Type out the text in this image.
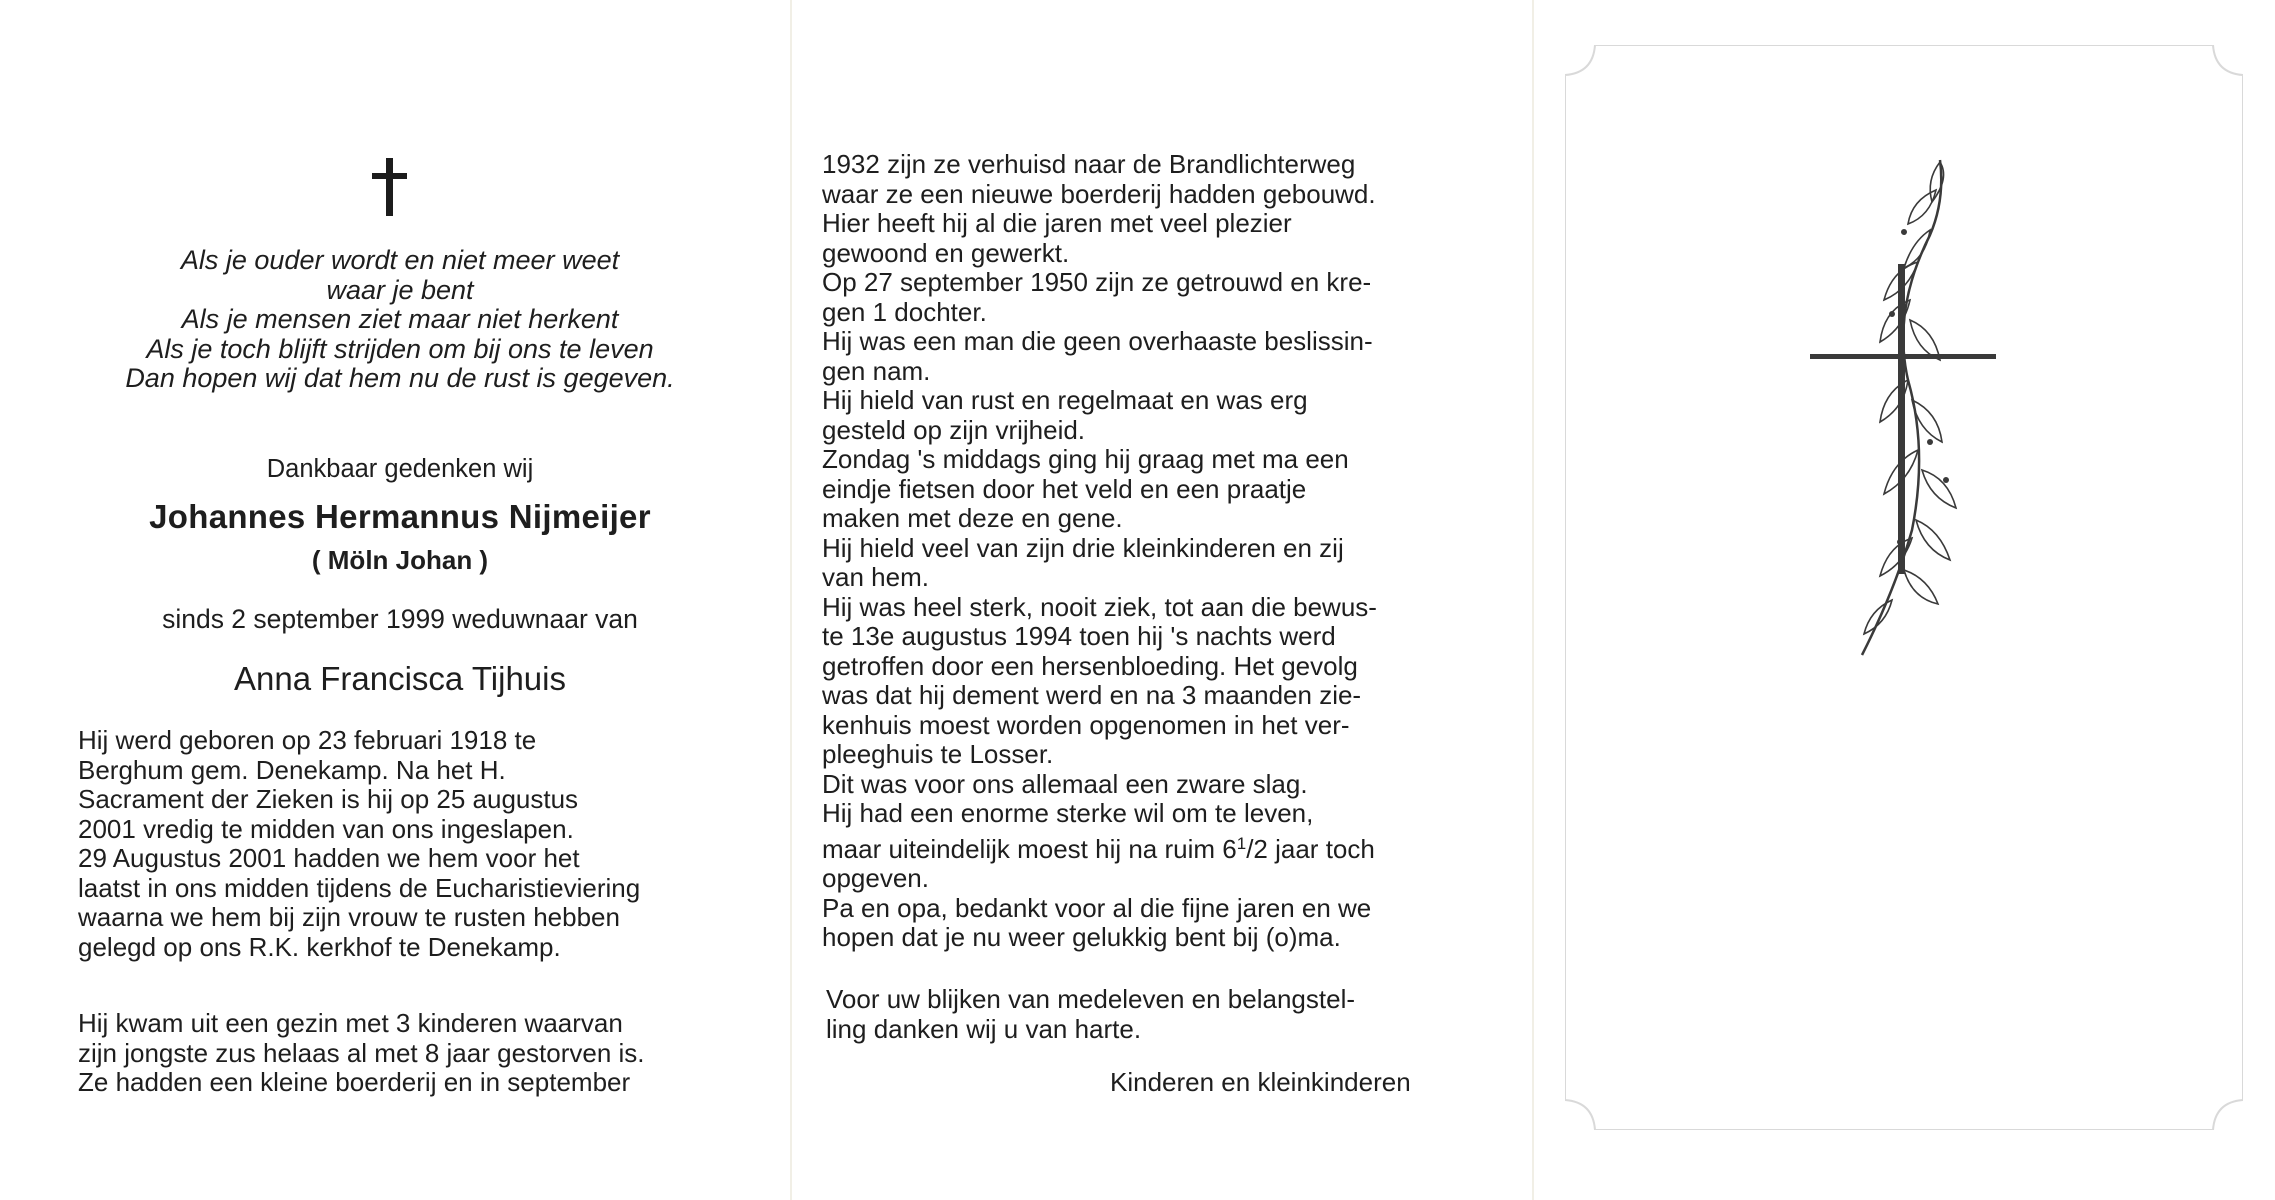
Als je ouder wordt en niet meer weet
waar je bent
Als je mensen ziet maar niet herkent
Als je toch blijft strijden om bij ons te leven
Dan hopen wij dat hem nu de rust is gegeven.
Dankbaar gedenken wij
Johannes Hermannus Nijmeijer
( Möln Johan )
sinds 2 september 1999 weduwnaar van
Anna Francisca Tijhuis
Hij werd geboren op 23 februari 1918 te
Berghum gem. Denekamp. Na het H.
Sacrament der Zieken is hij op 25 augustus
2001 vredig te midden van ons ingeslapen.
29 Augustus 2001 hadden we hem voor het
laatst in ons midden tijdens de Eucharistieviering
waarna we hem bij zijn vrouw te rusten hebben
gelegd op ons R.K. kerkhof te Denekamp.
Hij kwam uit een gezin met 3 kinderen waarvan
zijn jongste zus helaas al met 8 jaar gestorven is.
Ze hadden een kleine boerderij en in september
1932 zijn ze verhuisd naar de Brandlichterweg
waar ze een nieuwe boerderij hadden gebouwd.
Hier heeft hij al die jaren met veel plezier
gewoond en gewerkt.
Op 27 september 1950 zijn ze getrouwd en kre-
gen 1 dochter.
Hij was een man die geen overhaaste beslissin-
gen nam.
Hij hield van rust en regelmaat en was erg
gesteld op zijn vrijheid.
Zondag 's middags ging hij graag met ma een
eindje fietsen door het veld en een praatje
maken met deze en gene.
Hij hield veel van zijn drie kleinkinderen en zij
van hem.
Hij was heel sterk, nooit ziek, tot aan die bewus-
te 13e augustus 1994 toen hij 's nachts werd
getroffen door een hersenbloeding. Het gevolg
was dat hij dement werd en na 3 maanden zie-
kenhuis moest worden opgenomen in het ver-
pleeghuis te Losser.
Dit was voor ons allemaal een zware slag.
Hij had een enorme sterke wil om te leven,
maar uiteindelijk moest hij na ruim $6^1/2$ jaar toch
opgeven.
Pa en opa, bedankt voor al die fijne jaren en we
hopen dat je nu weer gelukkig bent bij (o)ma.
Voor uw blijken van medeleven en belangstel-
ling danken wij u van harte.
Kinderen en kleinkinderen
